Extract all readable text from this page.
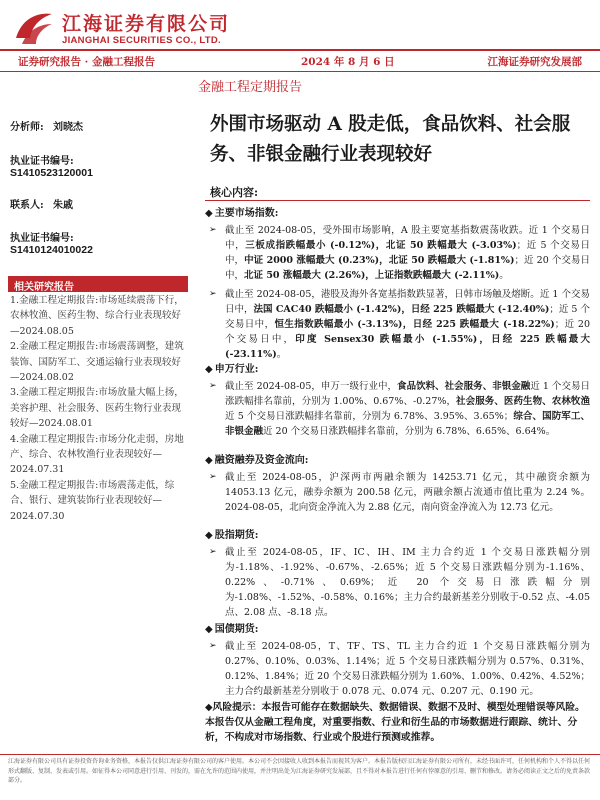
江海证券有限公司
JIANGHAI SECURITIES CO., LTD.
证券研究报告 · 金融工程报告	2024 年 8 月 6 日	江海证券研究发展部
金融工程定期报告
分析师: 刘晓杰
执业证书编号:
S1410523120001
联系人: 朱戚
执业证书编号:
S1410124010022
相关研究报告
1.金融工程定期报告:市场延续震荡下行，农林牧渔、医药生物、综合行业表现较好—2024.08.05
2.金融工程定期报告:市场震荡调整，建筑装饰、国防军工、交通运输行业表现较好—2024.08.02
3.金融工程定期报告:市场放量大幅上扬，美容护理、社会服务、医药生物行业表现较好—2024.08.01
4.金融工程定期报告:市场分化走弱，房地产、综合、农林牧渔行业表现较好—2024.07.31
5.金融工程定期报告:市场震荡走低，综合、银行、建筑装饰行业表现较好—2024.07.30
外围市场驱动 A 股走低，食品饮料、社会服务、非银金融行业表现较好
核心内容:
◆ 主要市场指数:
➢ 截止至 2024-08-05，受外围市场影响，A 股主要宽基指数震荡收跌。近 1 个交易日中，三板成指跌幅最小 (-0.12%)，北证 50 跌幅最大 (-3.03%)；近 5 个交易日中，中证 2000 涨幅最大 (0.23%)，北证 50 跌幅最大 (-1.81%)；近 20 个交易日中，北证 50 涨幅最大 (2.26%)，上证指数跌幅最大 (-2.11%)。
➢ 截止至 2024-08-05，港股及海外各宽基指数跌显著，日韩市场触及熔断。近 1 个交易日中，法国 CAC40 跌幅最小 (-1.42%)，日经 225 跌幅最大 (-12.40%)；近 5 个交易日中，恒生指数跌幅最小 (-3.13%)，日经 225 跌幅最大 (-18.22%)；近 20 个交易日中，印度 Sensex30 跌幅最小 (-1.55%)，日经 225 跌幅最大 (-23.11%)。
◆ 申万行业:
➢ 截止至 2024-08-05，申万一级行业中，食品饮料、社会服务、非银金融近 1 个交易日涨跌幅排名靠前，分别为 1.00%、0.67%、-0.27%，社会服务、医药生物、农林牧渔近 5 个交易日涨跌幅排名靠前，分别为 6.78%、3.95%、3.65%；综合、国防军工、非银金融近 20 个交易日涨跌幅排名靠前，分别为 6.78%、6.65%、6.64%。
◆ 融资融券及资金流向:
➢ 截止至 2024-08-05，沪深两市两融余额为 14253.71 亿元，其中融资余额为 14053.13 亿元，融券余额为 200.58 亿元，两融余额占流通市值比重为 2.24 %。2024-08-05，北向资金净流入为 2.88 亿元，南向资金净流入为 12.73 亿元。
◆ 股指期货:
➢ 截止至 2024-08-05，IF、IC、IH、IM 主力合约近 1 个交易日涨跌幅分别为-1.18%、-1.92%、-0.67%、-2.65%；近 5 个交易日涨跌幅分别为-1.16%、0.22%、-0.71%、0.69%；近 20 个交易日涨跌幅分别为-1.08%、-1.52%、-0.58%、0.16%；主力合约最新基差分别收于-0.52 点、-4.05 点、2.08 点、-8.18 点。
◆ 国债期货:
➢ 截止至 2024-08-05，T、TF、TS、TL 主力合约近 1 个交易日涨跌幅分别为 0.27%、0.10%、0.03%、1.14%；近 5 个交易日涨跌幅分别为 0.57%、0.31%、0.12%、1.84%；近 20 个交易日涨跌幅分别为 1.60%、1.00%、0.42%、4.52%；主力合约最新基差分别收于 0.078 元、0.074 元、0.207 元、0.190 元。
◆风险提示：本报告可能存在数据缺失、数据错误、数据不及时、模型处理错误等风险。本报告仅从金融工程角度，对重要指数、行业和衍生品的市场数据进行跟踪、统计、分析，不构成对市场指数、行业或个股进行预测或推荐。
江海证券有限公司具有证券投资咨询业务资格，本报告仅供江海证券有限公司的客户使用。本公司不会因接收人收到本报告而视其为客户。本报告版权归江海证券有限公司所有，未经书面许可，任何机构和个人不得以任何形式翻版、复制、发表或引用。如征得本公司同意进行引用、刊发的，需在允许的范围内使用，并注明出处为江海证券研究发展部，且不得对本报告进行任何有悖原意的引用、删节和修改。请务必阅读正文之后的免责条款部分。
